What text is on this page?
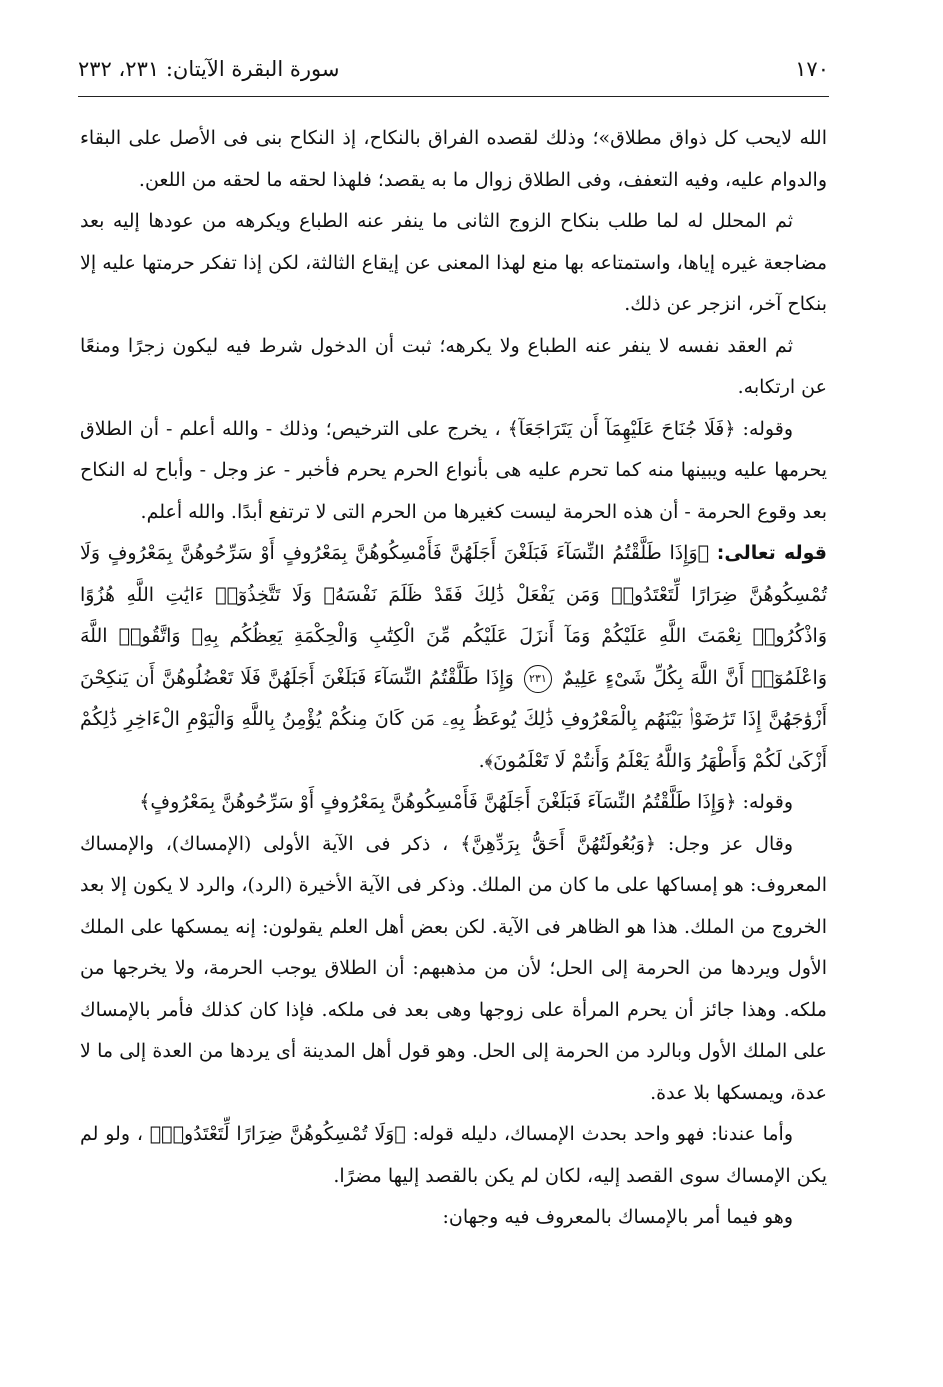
١٧٠
سورة البقرة الآيتان: ٢٣١، ٢٣٢

الله لايحب كل ذواق مطلاق»؛ وذلك لقصده الفراق بالنكاح، إذ النكاح بنى فى الأصل على البقاء والدوام عليه، وفيه التعفف، وفى الطلاق زوال ما به يقصد؛ فلهذا لحقه ما لحقه من اللعن.

ثم المحلل له لما طلب بنكاح الزوج الثانى ما ينفر عنه الطباع ويكرهه من عودها إليه بعد مضاجعة غيره إياها، واستمتاعه بها منع لهذا المعنى عن إيقاع الثالثة، لكن إذا تفكر حرمتها عليه إلا بنكاح آخر، انزجر عن ذلك.

ثم العقد نفسه لا ينفر عنه الطباع ولا يكرهه؛ ثبت أن الدخول شرط فيه ليكون زجرًا ومنعًا عن ارتكابه.

وقوله: ﴿فَلَا جُنَاحَ عَلَيْهِمَآ أَن يَتَرَاجَعَآ﴾ ، يخرج على الترخيص؛ وذلك - والله أعلم - أن الطلاق يحرمها عليه ويبينها منه كما تحرم عليه هى بأنواع الحرم يحرم فأخبر - عز وجل - وأباح له النكاح بعد وقوع الحرمة - أن هذه الحرمة ليست كغيرها من الحرم التى لا ترتفع أبدًا. والله أعلم.

قوله تعالى: ﴿وَإِذَا طَلَّقْتُمُ النِّسَآءَ فَبَلَغْنَ أَجَلَهُنَّ فَأَمْسِكُوهُنَّ بِمَعْرُوفٍ أَوْ سَرِّحُوهُنَّ بِمَعْرُوفٍ وَلَا تُمْسِكُوهُنَّ ضِرَارًا لِّتَعْتَدُوا۟ وَمَن يَفْعَلْ ذَٰلِكَ فَقَدْ ظَلَمَ نَفْسَهُۥ وَلَا تَتَّخِذُوٓا۟ ءَايَٰتِ اللَّهِ هُزُوًا وَاذْكُرُوا۟ نِعْمَتَ اللَّهِ عَلَيْكُمْ وَمَآ أَنزَلَ عَلَيْكُم مِّنَ الْكِتَٰبِ وَالْحِكْمَةِ يَعِظُكُم بِهِۦ وَاتَّقُوا۟ اللَّهَ وَاعْلَمُوٓا۟ أَنَّ اللَّهَ بِكُلِّ شَىْءٍ عَلِيمٌ ٢٣١ وَإِذَا طَلَّقْتُمُ النِّسَآءَ فَبَلَغْنَ أَجَلَهُنَّ فَلَا تَعْضُلُوهُنَّ أَن يَنكِحْنَ أَزْوَٰجَهُنَّ إِذَا تَرَٰضَوْا۟ بَيْنَهُم بِالْمَعْرُوفِ ذَٰلِكَ يُوعَظُ بِهِۦ مَن كَانَ مِنكُمْ يُؤْمِنُ بِاللَّهِ وَالْيَوْمِ الْءَاخِرِ ذَٰلِكُمْ أَزْكَىٰ لَكُمْ وَأَطْهَرُ وَاللَّهُ يَعْلَمُ وَأَنتُمْ لَا تَعْلَمُونَ﴾.

وقوله: ﴿وَإِذَا طَلَّقْتُمُ النِّسَآءَ فَبَلَغْنَ أَجَلَهُنَّ فَأَمْسِكُوهُنَّ بِمَعْرُوفٍ أَوْ سَرِّحُوهُنَّ بِمَعْرُوفٍ﴾

وقال عز وجل: ﴿وَبُعُولَتُهُنَّ أَحَقُّ بِرَدِّهِنَّ﴾ ، ذكر فى الآية الأولى (الإمساك)، والإمساك المعروف: هو إمساكها على ما كان من الملك. وذكر فى الآية الأخيرة (الرد)، والرد لا يكون إلا بعد الخروج من الملك. هذا هو الظاهر فى الآية. لكن بعض أهل العلم يقولون: إنه يمسكها على الملك الأول ويردها من الحرمة إلى الحل؛ لأن من مذهبهم: أن الطلاق يوجب الحرمة، ولا يخرجها من ملكه. وهذا جائز أن يحرم المرأة على زوجها وهى بعد فى ملكه. فإذا كان كذلك فأمر بالإمساك على الملك الأول وبالرد من الحرمة إلى الحل. وهو قول أهل المدينة أى يردها من العدة إلى ما لا عدة، ويمسكها بلا عدة.

وأما عندنا: فهو واحد بحدث الإمساك، دليله قوله: ﴿وَلَا تُمْسِكُوهُنَّ ضِرَارًا لِّتَعْتَدُوا۟﴾ ، ولو لم يكن الإمساك سوى القصد إليه، لكان لم يكن بالقصد إليها مضرًا.

وهو فيما أمر بالإمساك بالمعروف فيه وجهان:
